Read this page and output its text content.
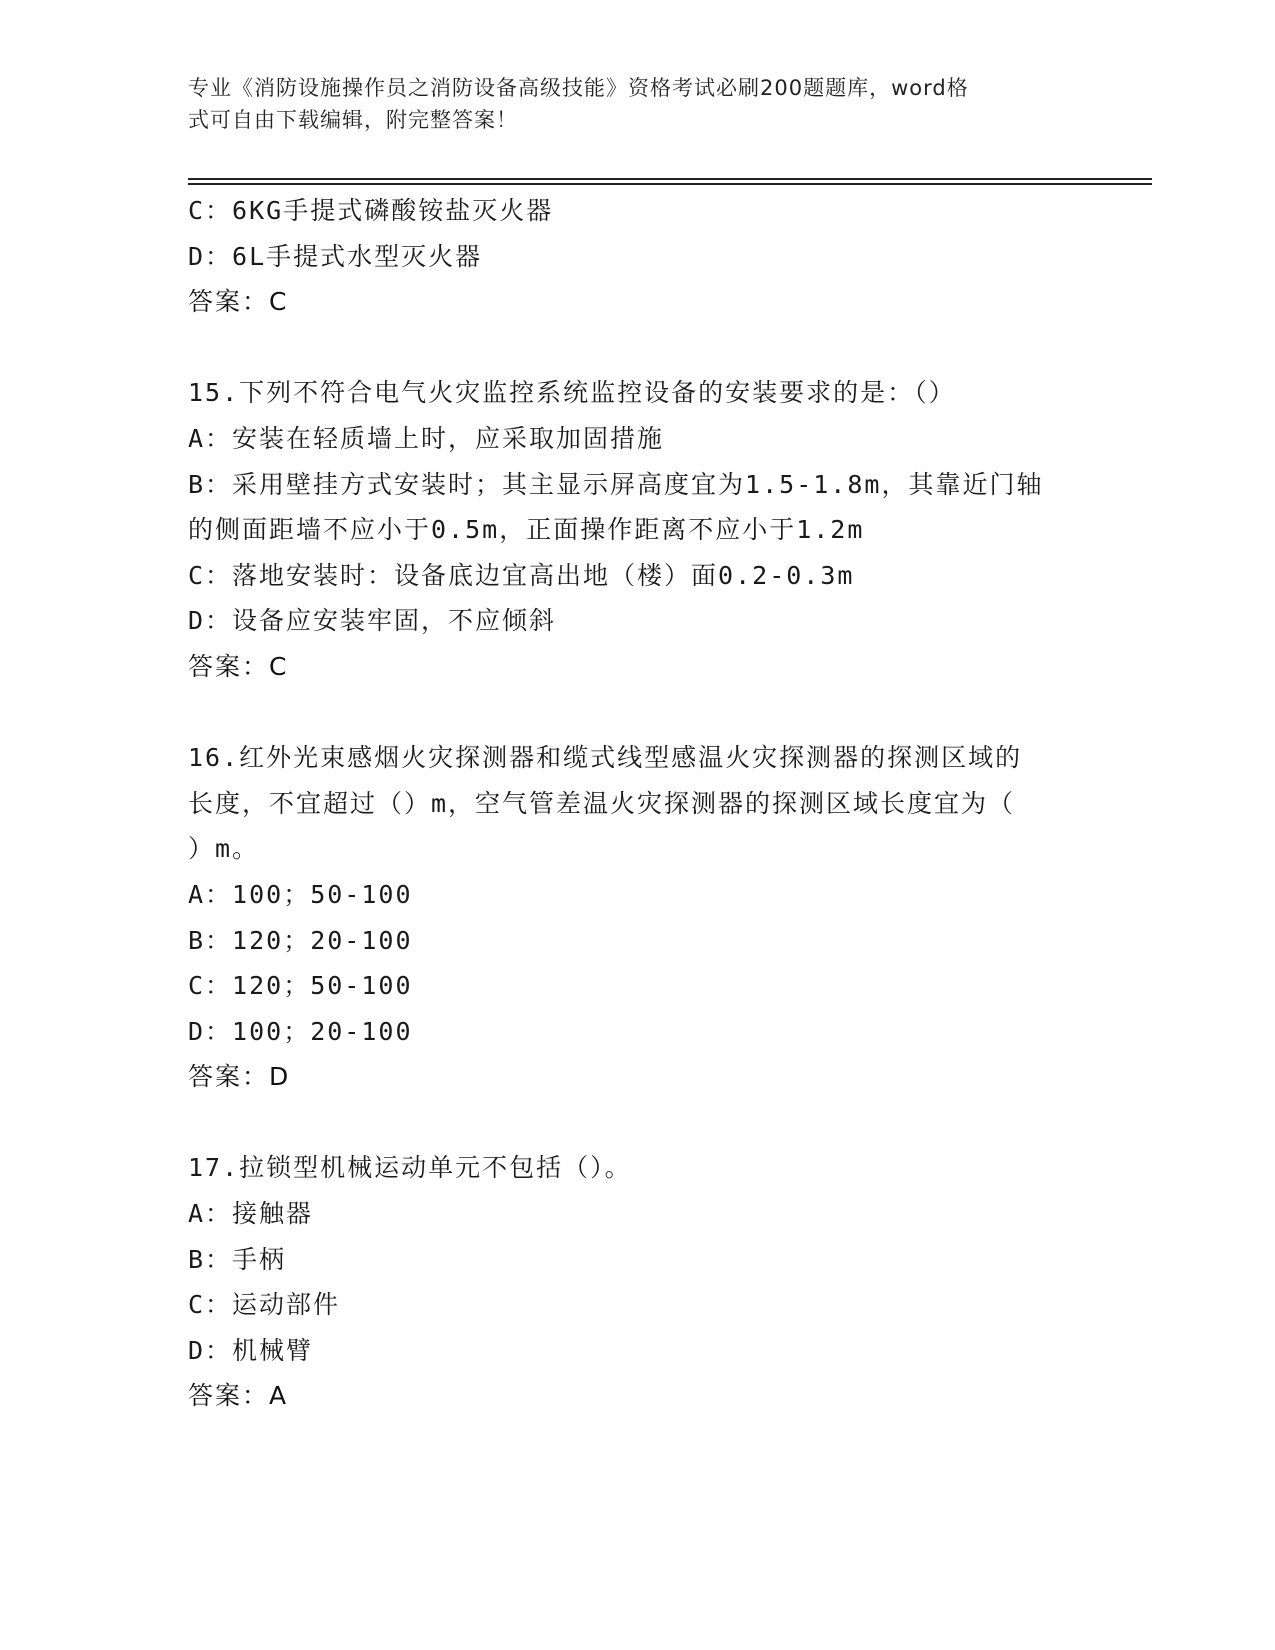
专业《消防设施操作员之消防设备高级技能》资格考试必刷200题题库，word格
式可自由下载编辑，附完整答案！
C：6KG手提式磷酸铵盐灭火器
D：6L手提式水型灭火器
答案：C
15.下列不符合电气火灾监控系统监控设备的安装要求的是：（）
A：安装在轻质墙上时，应采取加固措施
B：采用壁挂方式安装时；其主显示屏高度宜为1.5-1.8m，其靠近门轴
的侧面距墙不应小于0.5m，正面操作距离不应小于1.2m
C：落地安装时：设备底边宜高出地（楼）面0.2-0.3m
D：设备应安装牢固，不应倾斜
答案：C
16.红外光束感烟火灾探测器和缆式线型感温火灾探测器的探测区域的
长度，不宜超过（）m，空气管差温火灾探测器的探测区域长度宜为（
）m。
A：100；50-100
B：120；20-100
C：120；50-100
D：100；20-100
答案：D
17.拉锁型机械运动单元不包括（）。
A：接触器
B：手柄
C：运动部件
D：机械臂
答案：A
